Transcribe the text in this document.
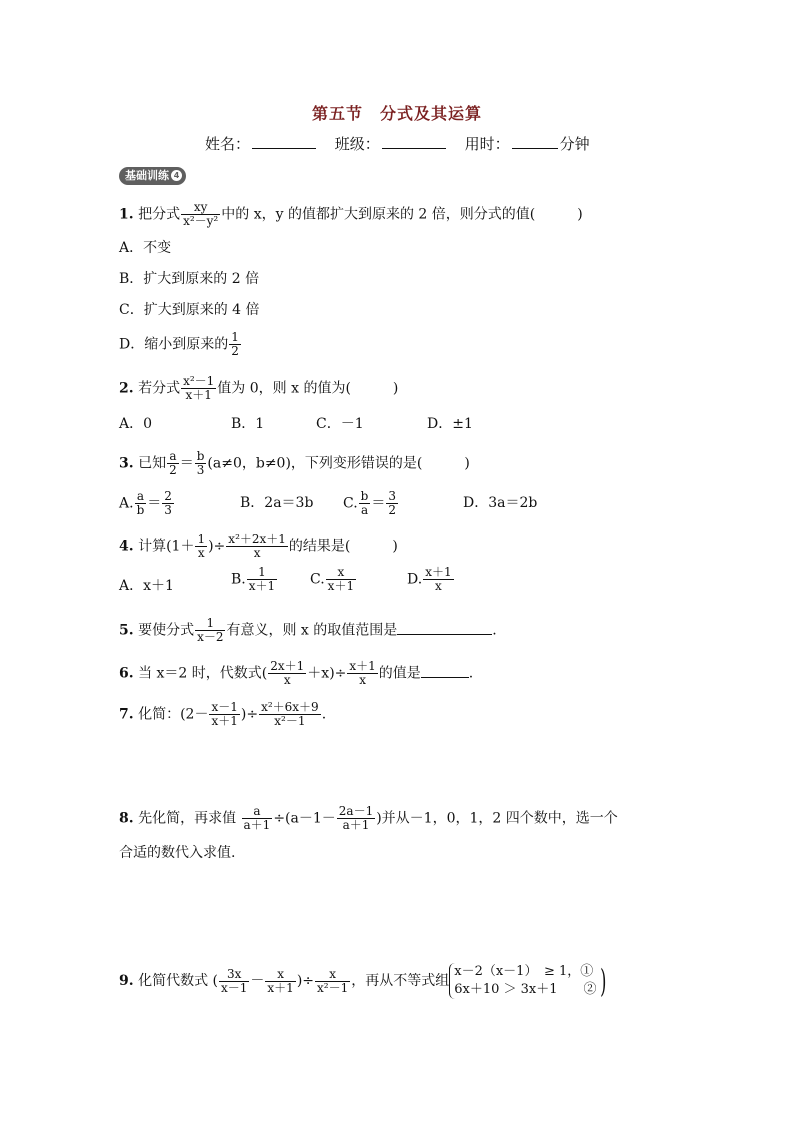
第五节　分式及其运算
姓名：	班级：	用时：	分钟
基础训练 4
1. 把分式 $\frac{xy}{\text{x²－y²}}$ 中的 x，y 的值都扩大到原来的 2 倍，则分式的值(　　　)
A．不变
B．扩大到原来的 2 倍
C．扩大到原来的 4 倍
D．缩小到原来的 $\frac{1}{2}$
2. 若分式 $\frac{\text{x²－1}}{x+1}$ 值为 0，则 x 的值为(　　　)
A．0	B．1	C．－1	D．±1
3. 已知 $\frac{a}{2} = \frac{b}{3} (a\ne 0$，b≠0)，下列变形错误的是(　　　)
A. $\frac{a}{b} = \frac{2}{3}$	B．2a＝3b C. $\frac{b}{a} = \frac{3}{2}$	D．3a＝2b
4. 计算($1+ \frac{1}{x}$ )÷ $\frac{\text{x²＋2x＋1}}{x}$ 的结果是(　　　)
A．x＋1	B. $\frac{1}{x+1} C$. $\frac{x}{x+1}$	D. $\frac{x+1}{x}$
5. 要使分式 $\frac{1}{x-2}$ 有意义，则 x 的取值范围是	.
6. 当 x＝2 时，代数式( $\frac{2x+1}{x} +x)\div \frac{x+1}{x}$ 的值是	.
7. 化简：($2- \frac{x-1}{x+1}$ )÷ $\frac{\text{x²＋6x＋9}}{\text{x²－1}}$ .
8. 先化简，再求值 $\frac{a}{a+1} \div(a-1- \frac{2a-1}{a+1}$ )并从－1，0，1，2 四个数中，选一个
合适的数代入求值.
9. 化简代数式 ( $\frac{3x}{x-1} - \frac{x}{x+1}$ )÷ $\frac{x}{\text{x²－1}}$ ，再从不等式组
x－2（x－1）　≥ 1，①
6x＋10 ＞ 3x＋1　　② )
